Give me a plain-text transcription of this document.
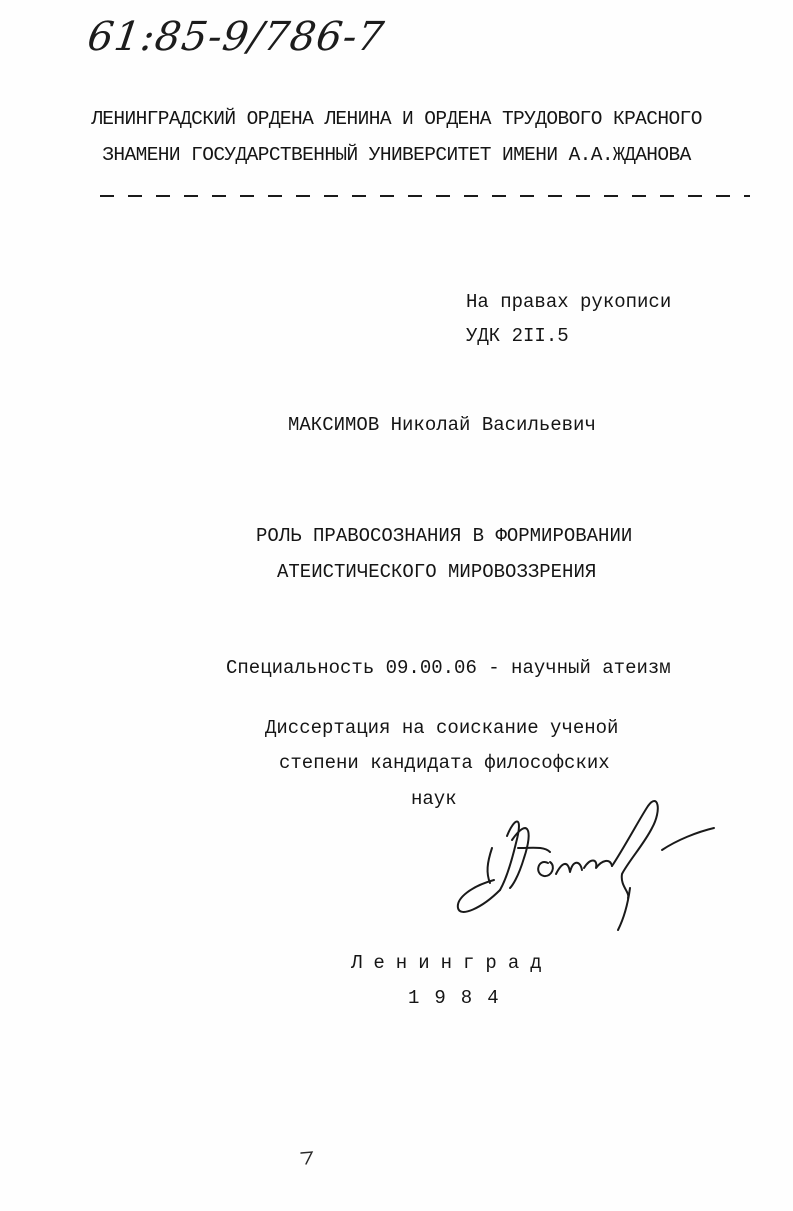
61:85-9/786-7
ЛЕНИНГРАДСКИЙ ОРДЕНА ЛЕНИНА И ОРДЕНА ТРУДОВОГО КРАСНОГО
ЗНАМЕНИ ГОСУДАРСТВЕННЫЙ УНИВЕРСИТЕТ ИМЕНИ А.А.ЖДАНОВА
На правах рукописи
УДК 2II.5
МАКСИМОВ Николай Васильевич
РОЛЬ ПРАВОСОЗНАНИЯ В ФОРМИРОВАНИИ
АТЕИСТИЧЕСКОГО МИРОВОЗЗРЕНИЯ
Специальность 09.00.06 - научный атеизм
Диссертация на соискание ученой
степени кандидата философских
наук
Ленинград
1984
